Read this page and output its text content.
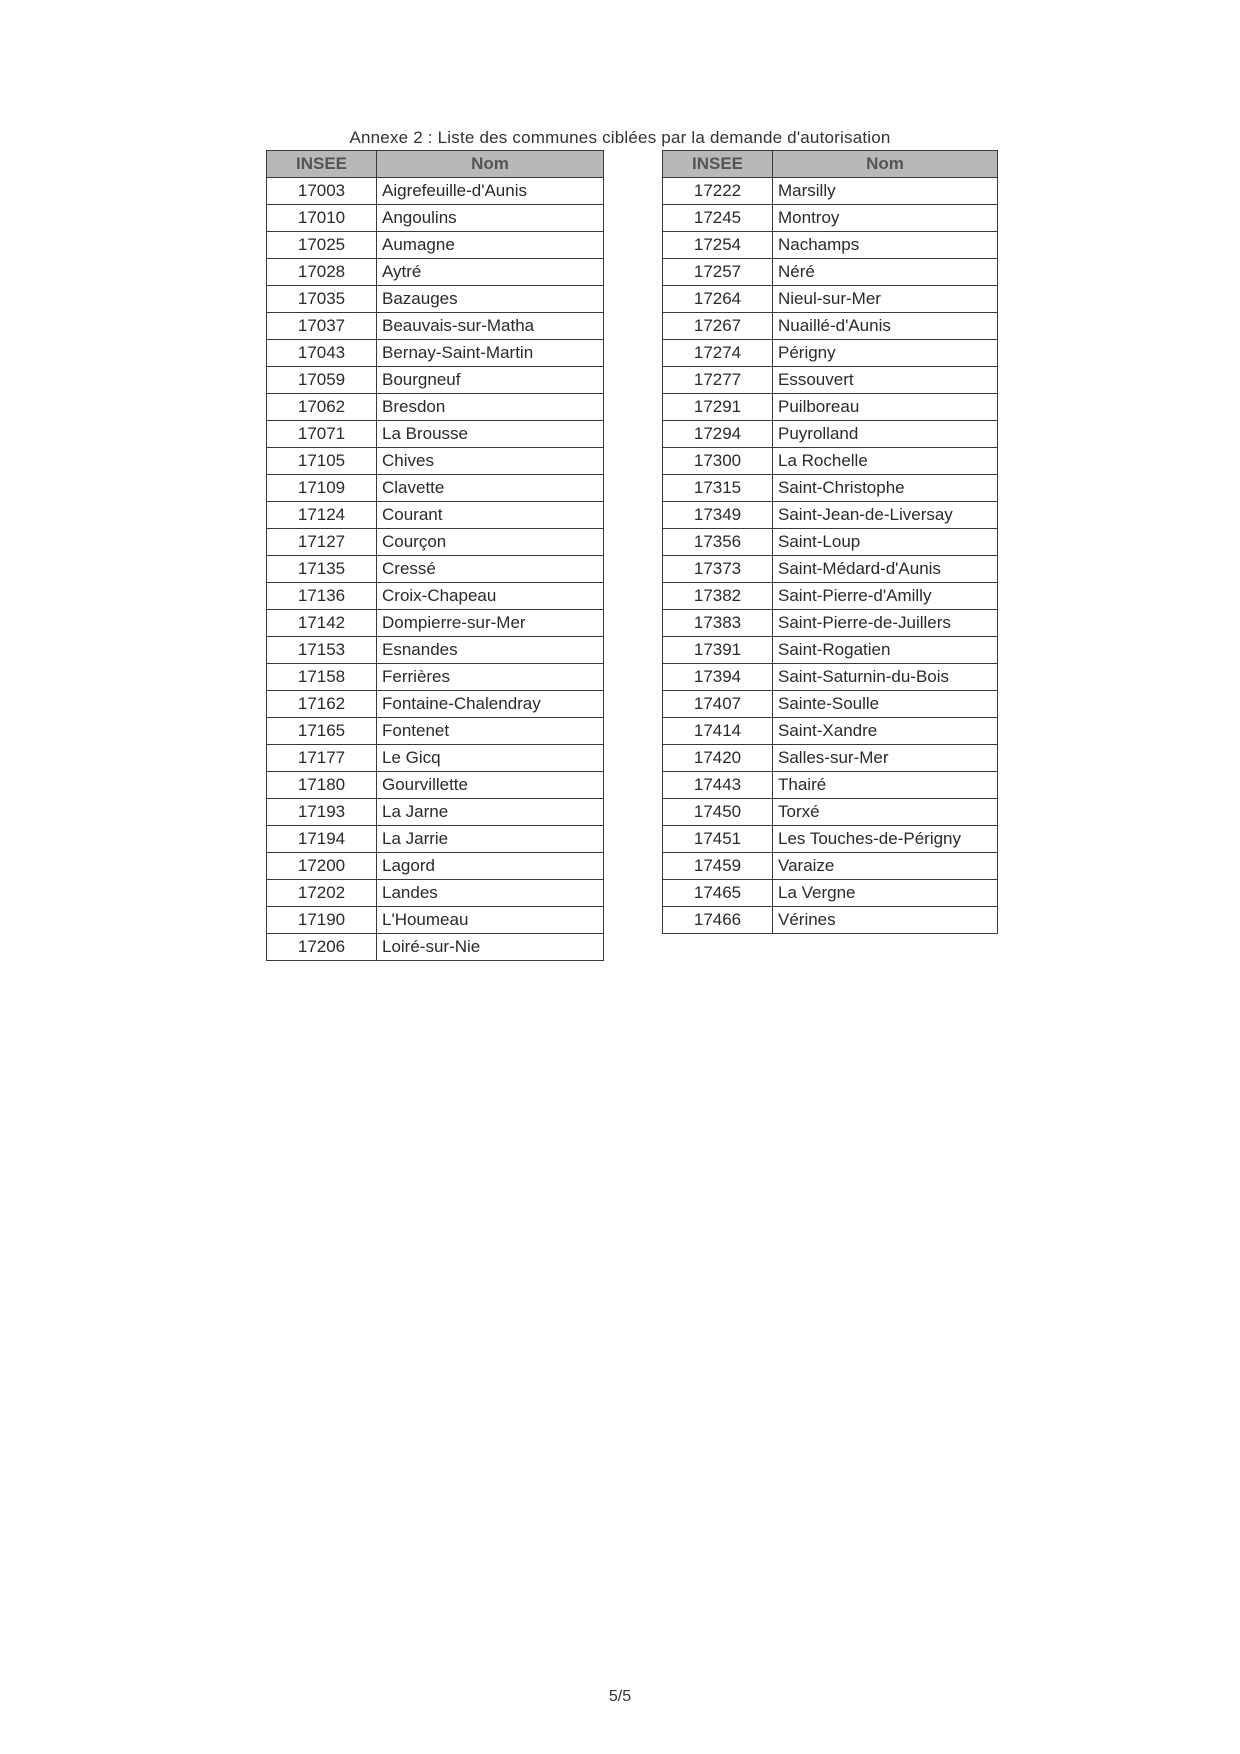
Annexe 2 : Liste des communes ciblées par la demande d'autorisation
INSEE	Nom
17003	Aigrefeuille-d'Aunis
17010	Angoulins
17025	Aumagne
17028	Aytré
17035	Bazauges
17037	Beauvais-sur-Matha
17043	Bernay-Saint-Martin
17059	Bourgneuf
17062	Bresdon
17071	La Brousse
17105	Chives
17109	Clavette
17124	Courant
17127	Courçon
17135	Cressé
17136	Croix-Chapeau
17142	Dompierre-sur-Mer
17153	Esnandes
17158	Ferrières
17162	Fontaine-Chalendray
17165	Fontenet
17177	Le Gicq
17180	Gourvillette
17193	La Jarne
17194	La Jarrie
17200	Lagord
17202	Landes
17190	L'Houmeau
17206	Loiré-sur-Nie
INSEE	Nom
17222	Marsilly
17245	Montroy
17254	Nachamps
17257	Néré
17264	Nieul-sur-Mer
17267	Nuaillé-d'Aunis
17274	Périgny
17277	Essouvert
17291	Puilboreau
17294	Puyrolland
17300	La Rochelle
17315	Saint-Christophe
17349	Saint-Jean-de-Liversay
17356	Saint-Loup
17373	Saint-Médard-d'Aunis
17382	Saint-Pierre-d'Amilly
17383	Saint-Pierre-de-Juillers
17391	Saint-Rogatien
17394	Saint-Saturnin-du-Bois
17407	Sainte-Soulle
17414	Saint-Xandre
17420	Salles-sur-Mer
17443	Thairé
17450	Torxé
17451	Les Touches-de-Périgny
17459	Varaize
17465	La Vergne
17466	Vérines
5/5
